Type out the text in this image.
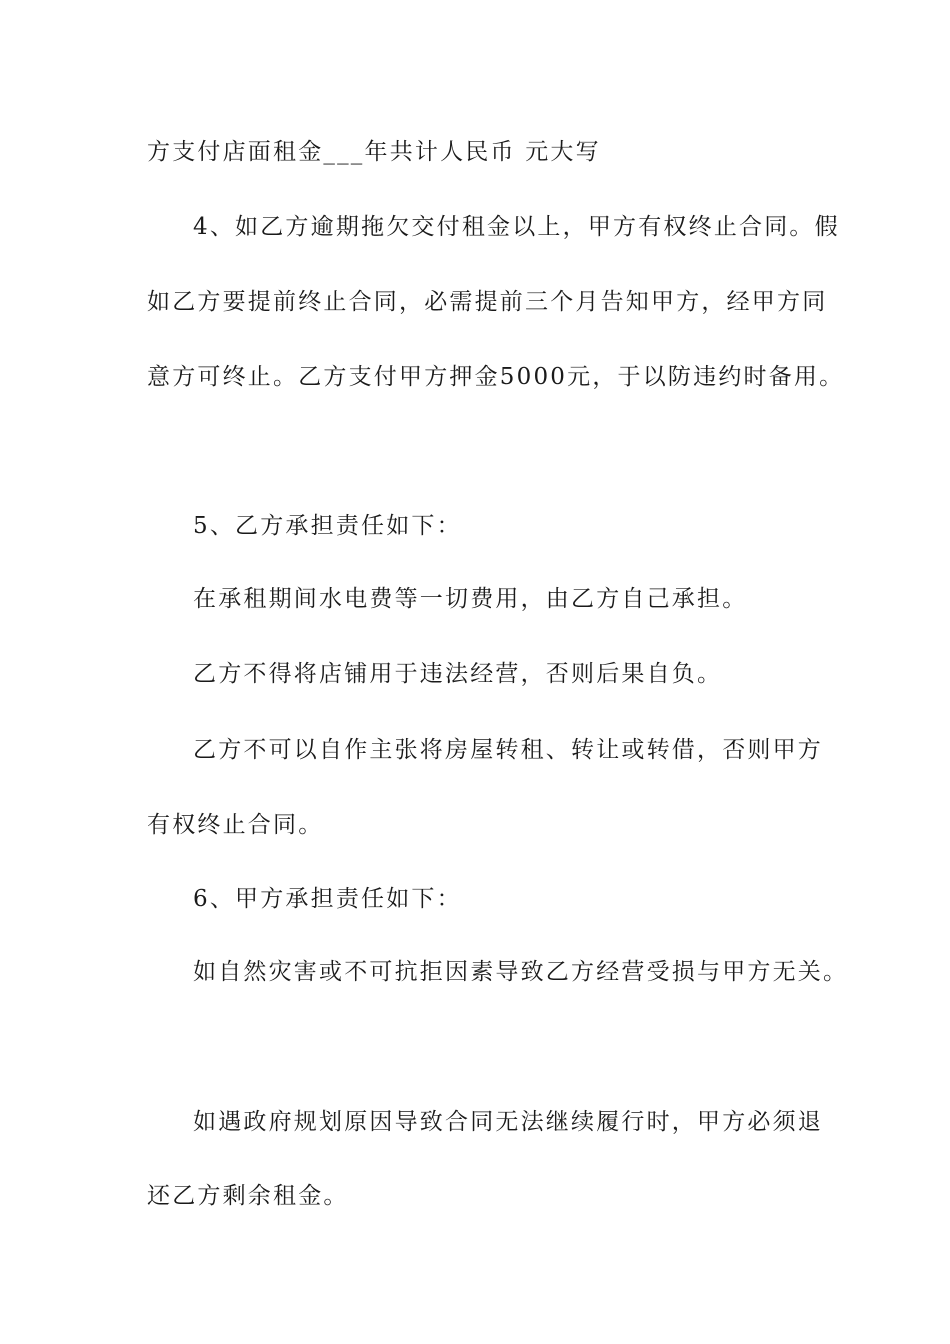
方支付店面租金___年共计人民币 元大写
4、如乙方逾期拖欠交付租金以上，甲方有权终止合同。假
如乙方要提前终止合同，必需提前三个月告知甲方，经甲方同
意方可终止。乙方支付甲方押金5000元，于以防违约时备用。
5、乙方承担责任如下：
在承租期间水电费等一切费用，由乙方自己承担。
乙方不得将店铺用于违法经营，否则后果自负。
乙方不可以自作主张将房屋转租、转让或转借，否则甲方
有权终止合同。
6、甲方承担责任如下：
如自然灾害或不可抗拒因素导致乙方经营受损与甲方无关。
如遇政府规划原因导致合同无法继续履行时，甲方必须退
还乙方剩余租金。
